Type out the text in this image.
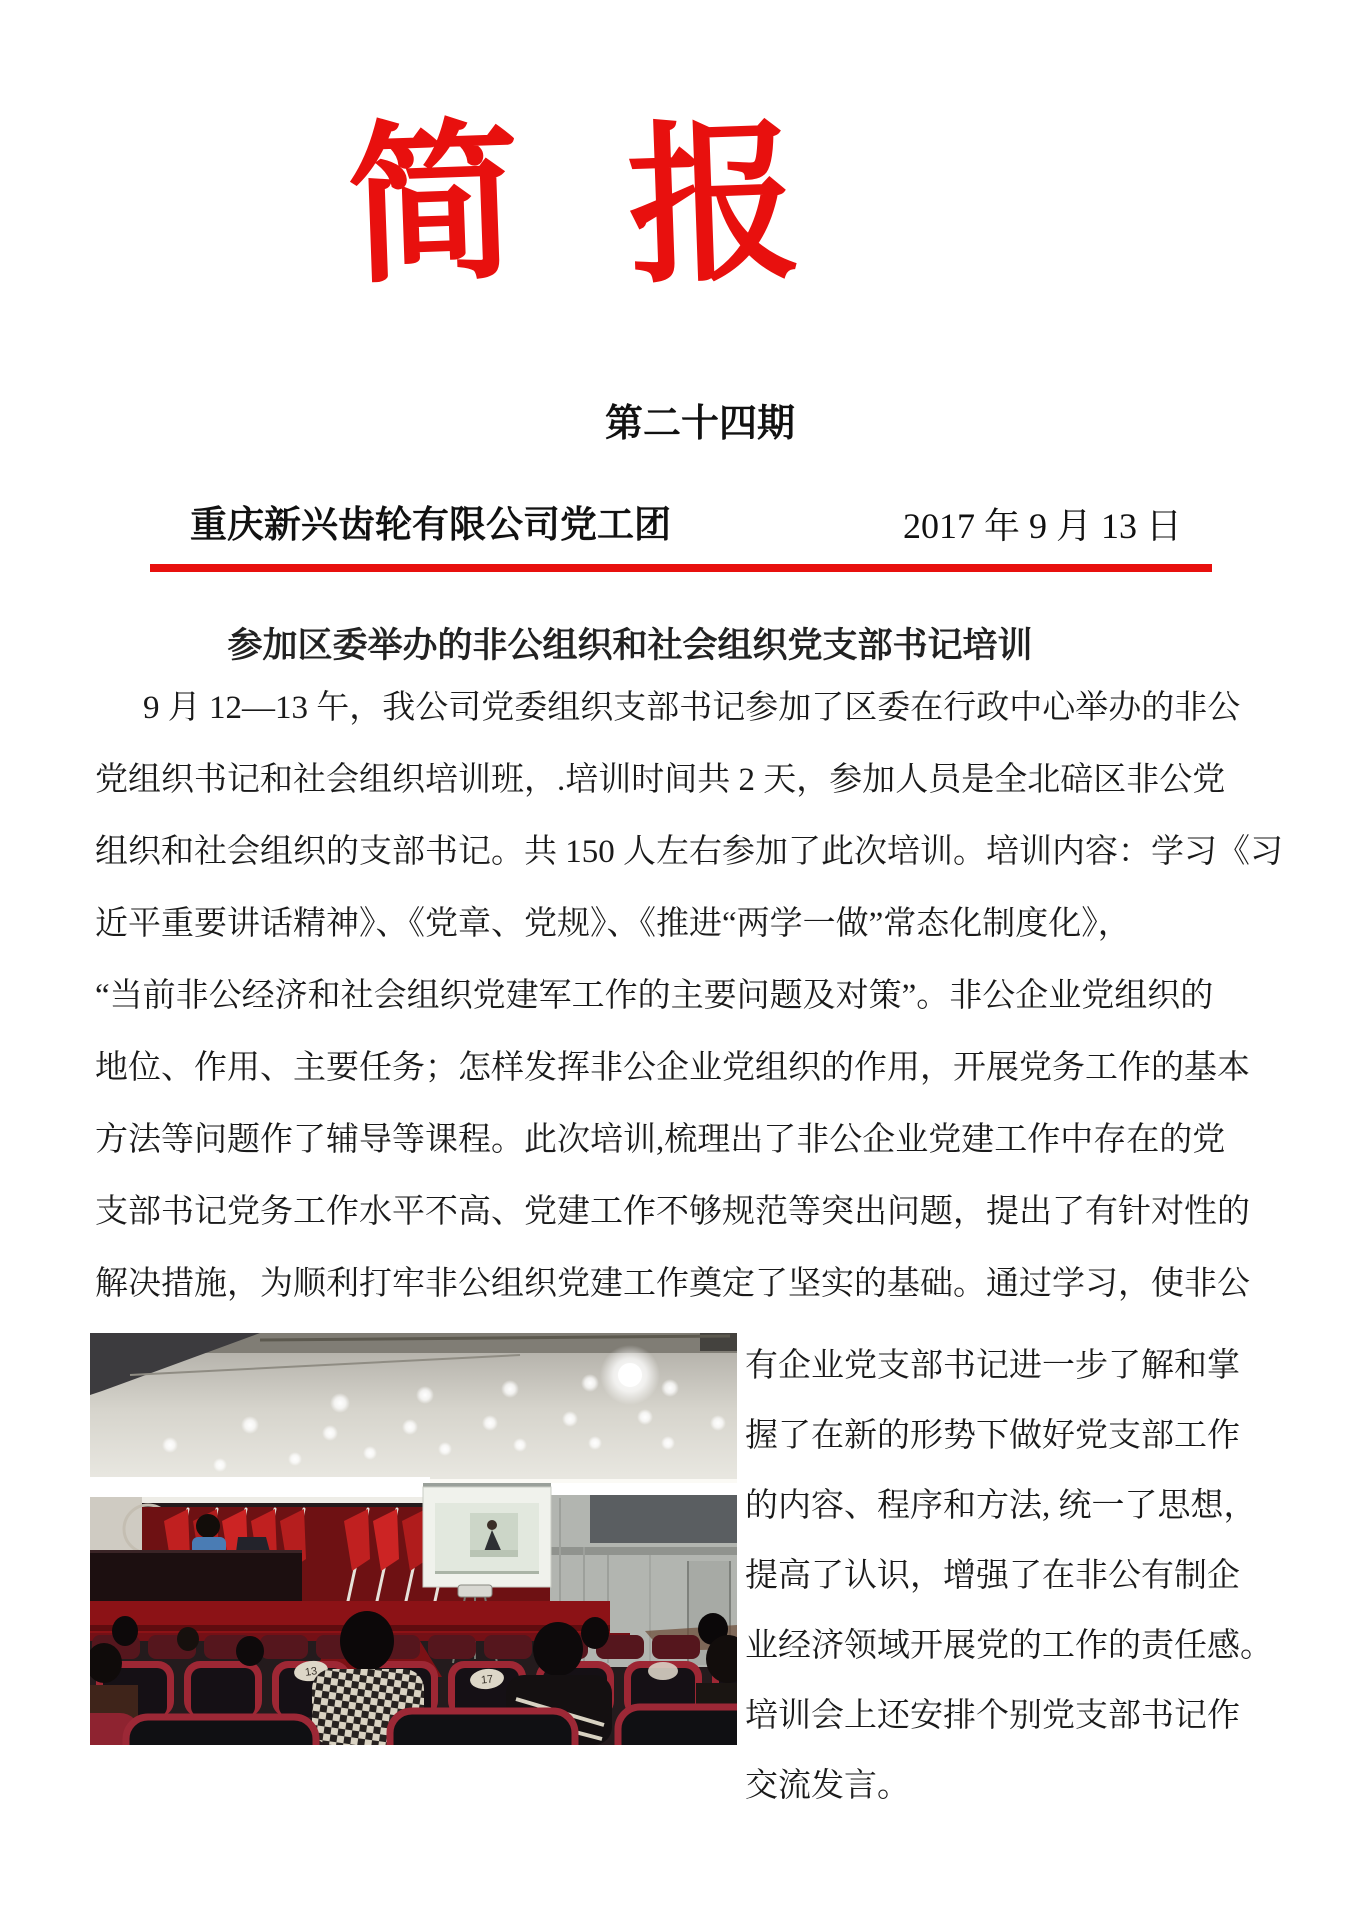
简 报
第二十四期
重庆新兴齿轮有限公司党工团	2017 年 9 月 13 日
参加区委举办的非公组织和社会组织党支部书记培训
9 月 12—13 午，我公司党委组织支部书记参加了区委在行政中心举办的非公
党组织书记和社会组织培训班，.培训时间共 2 天，参加人员是全北碚区非公党
组织和社会组织的支部书记。共 150 人左右参加了此次培训。培训内容：学习《习
近平重要讲话精神》、《党章、党规》、《推进“两学一做”常态化制度化》，
“当前非公经济和社会组织党建军工作的主要问题及对策”。非公企业党组织的
地位、作用、主要任务；怎样发挥非公企业党组织的作用，开展党务工作的基本
方法等问题作了辅导等课程。此次培训,梳理出了非公企业党建工作中存在的党
支部书记党务工作水平不高、党建工作不够规范等突出问题，提出了有针对性的
解决措施，为顺利打牢非公组织党建工作奠定了坚实的基础。通过学习，使非公
13
17
有企业党支部书记进一步了解和掌
握了在新的形势下做好党支部工作
的内容、程序和方法, 统一了思想，
提高了认识，增强了在非公有制企
业经济领域开展党的工作的责任感。
培训会上还安排个别党支部书记作
交流发言。
